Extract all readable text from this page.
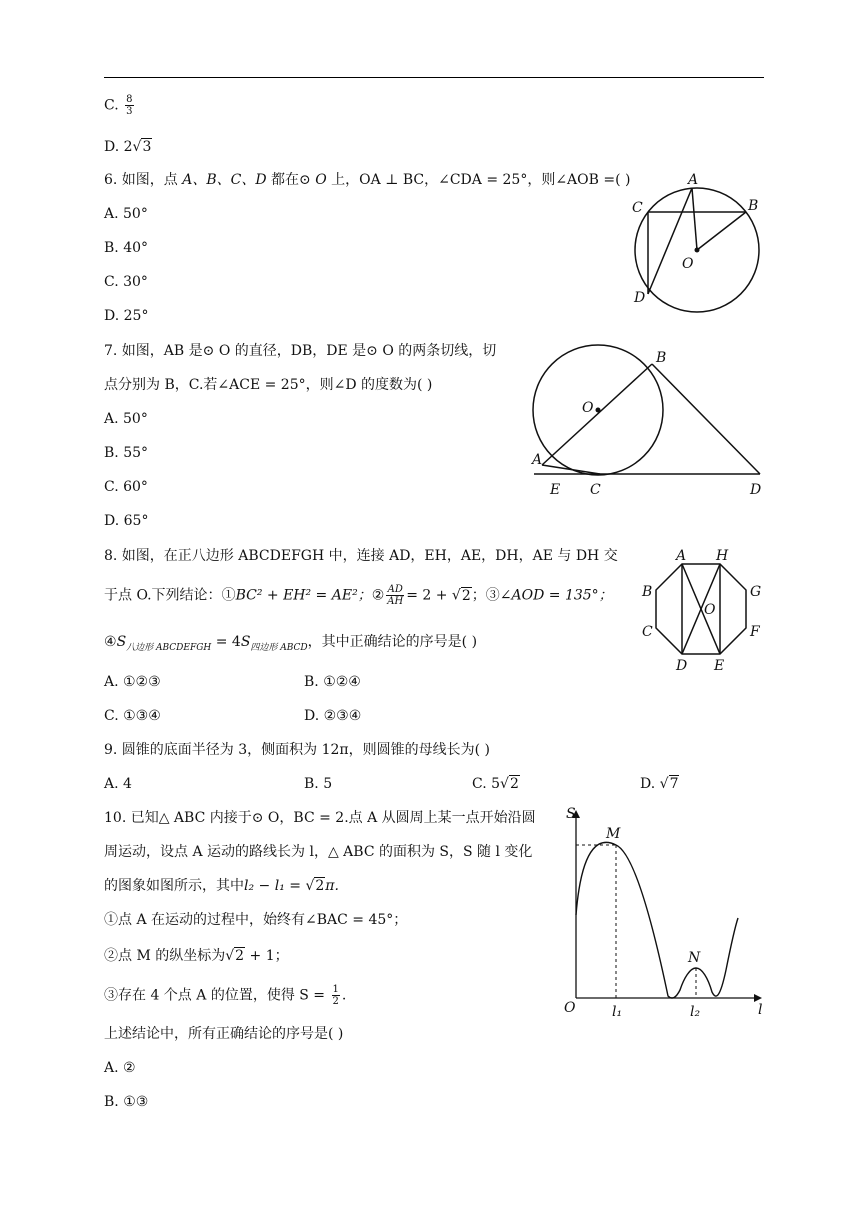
C. $\frac{8}{3}$
D. 2√3
6. 如图，点 A、B、C、D 都在⊙ O 上，OA ⊥ BC，∠CDA = 25°，则∠AOB =( )
A. 50°
B. 40°
C. 30°
D. 25°
A
B
C
D
O
7. 如图，AB 是⊙ O 的直径，DB，DE 是⊙ O 的两条切线，切
点分别为 B，C.若∠ACE = 25°，则∠D 的度数为( )
A. 50°
B. 55°
C. 60°
D. 65°
B
O
A
E C	D
8. 如图，在正八边形 ABCDEFGH 中，连接 AD，EH，AE，DH，AE 与 DH 交
于点 O.下列结论：①BC² + EH² = AE²；② $\frac{AD}{AH} = 2 + √2$；③∠AOD = 135°；
$④S_{八边形 ABCDEFGH} = 4S_{四边形 ABCD}$，其中正确结论的序号是( )
A. ①②③	B. ①②④
C. ①③④	D. ②③④
A H
B	G
C	F
D E
O
9. 圆锥的底面半径为 3，侧面积为 12π，则圆锥的母线长为( )
A. 4	B. 5	C. 5√2	D. √7
10. 已知△ ABC 内接于⊙ O，BC = 2.点 A 从圆周上某一点开始沿圆
周运动，设点 A 运动的路线长为 l，△ ABC 的面积为 S，S 随 l 变化
的图象如图所示，其中l₂ − l₁ = √2π.
①点 A 在运动的过程中，始终有∠BAC = 45°；
②点 M 的纵坐标为√2 + 1；
③存在 4 个点 A 的位置，使得 $S = \frac{1}{2}$ .
上述结论中，所有正确结论的序号是( )
A. ②
B. ①③
S
M
N
O	l₁	l₂	l
